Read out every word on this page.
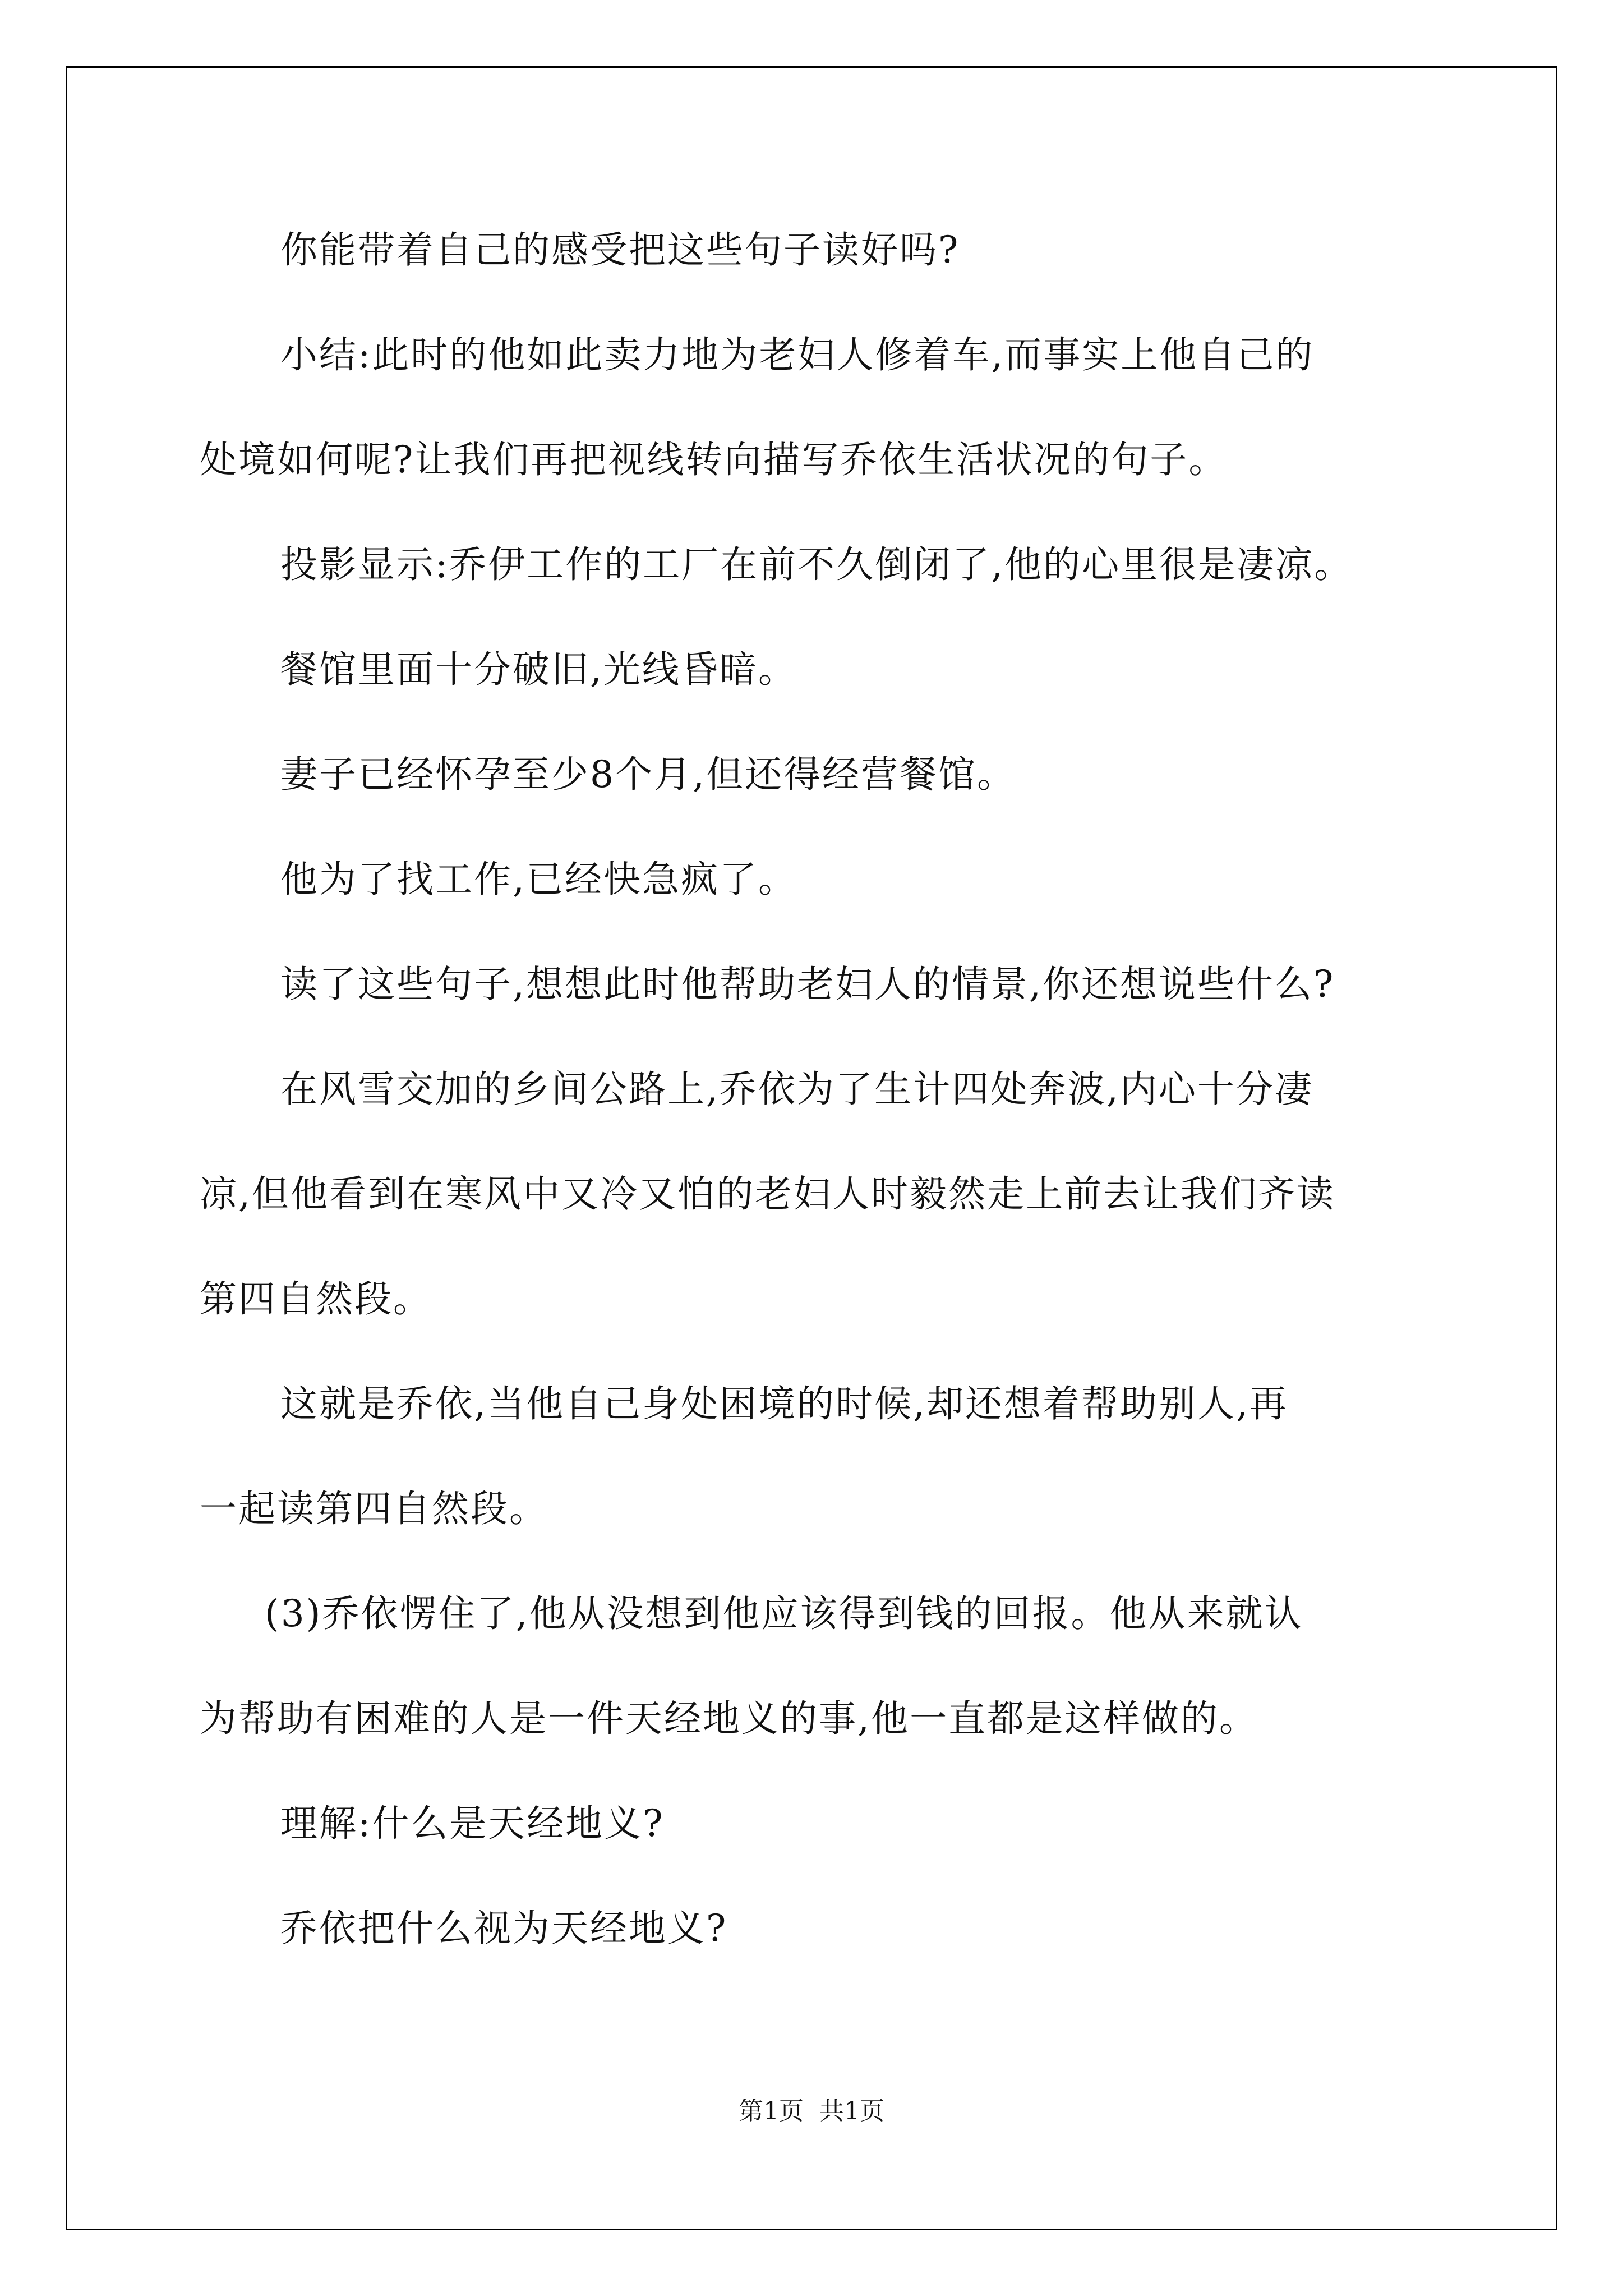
你能带着自己的感受把这些句子读好吗?
小结:此时的他如此卖力地为老妇人修着车,而事实上他自己的
处境如何呢?让我们再把视线转向描写乔依生活状况的句子。
投影显示:乔伊工作的工厂在前不久倒闭了,他的心里很是凄凉。
餐馆里面十分破旧,光线昏暗。
妻子已经怀孕至少8个月,但还得经营餐馆。
他为了找工作,已经快急疯了。
读了这些句子,想想此时他帮助老妇人的情景,你还想说些什么?
在风雪交加的乡间公路上,乔依为了生计四处奔波,内心十分凄
凉,但他看到在寒风中又冷又怕的老妇人时毅然走上前去让我们齐读
第四自然段。
这就是乔依,当他自己身处困境的时候,却还想着帮助别人,再
一起读第四自然段。
(3)乔依愣住了,他从没想到他应该得到钱的回报。他从来就认
为帮助有困难的人是一件天经地义的事,他一直都是这样做的。
理解:什么是天经地义?
乔依把什么视为天经地义?
第1页 共1页
